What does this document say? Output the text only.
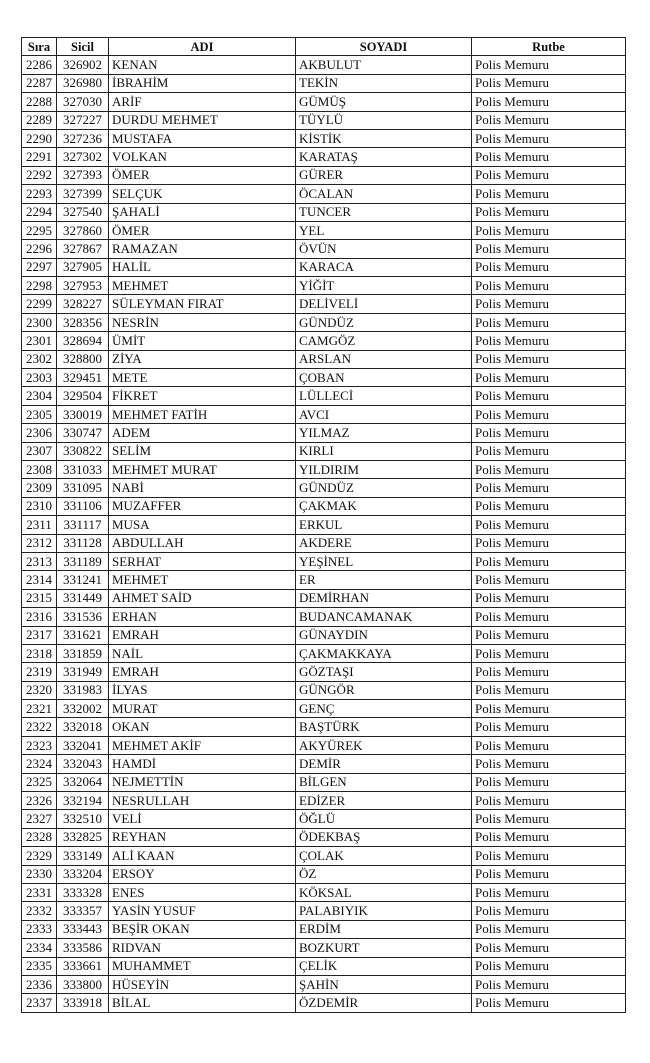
Sıra	Sicil	ADI	SOYADI	Rutbe
2286	326902	KENAN	AKBULUT	Polis Memuru
2287	326980	İBRAHİM	TEKİN	Polis Memuru
2288	327030	ARİF	GÜMÜŞ	Polis Memuru
2289	327227	DURDU MEHMET	TÜYLÜ	Polis Memuru
2290	327236	MUSTAFA	KİSTİK	Polis Memuru
2291	327302	VOLKAN	KARATAŞ	Polis Memuru
2292	327393	ÖMER	GÜRER	Polis Memuru
2293	327399	SELÇUK	ÖCALAN	Polis Memuru
2294	327540	ŞAHALİ	TUNCER	Polis Memuru
2295	327860	ÖMER	YEL	Polis Memuru
2296	327867	RAMAZAN	ÖVÜN	Polis Memuru
2297	327905	HALİL	KARACA	Polis Memuru
2298	327953	MEHMET	YİĞİT	Polis Memuru
2299	328227	SÜLEYMAN FIRAT	DELİVELİ	Polis Memuru
2300	328356	NESRİN	GÜNDÜZ	Polis Memuru
2301	328694	ÜMİT	CAMGÖZ	Polis Memuru
2302	328800	ZİYA	ARSLAN	Polis Memuru
2303	329451	METE	ÇOBAN	Polis Memuru
2304	329504	FİKRET	LÜLLECİ	Polis Memuru
2305	330019	MEHMET FATİH	AVCI	Polis Memuru
2306	330747	ADEM	YILMAZ	Polis Memuru
2307	330822	SELİM	KIRLI	Polis Memuru
2308	331033	MEHMET MURAT	YILDIRIM	Polis Memuru
2309	331095	NABİ	GÜNDÜZ	Polis Memuru
2310	331106	MUZAFFER	ÇAKMAK	Polis Memuru
2311	331117	MUSA	ERKUL	Polis Memuru
2312	331128	ABDULLAH	AKDERE	Polis Memuru
2313	331189	SERHAT	YEŞİNEL	Polis Memuru
2314	331241	MEHMET	ER	Polis Memuru
2315	331449	AHMET SAİD	DEMİRHAN	Polis Memuru
2316	331536	ERHAN	BUDANCAMANAK	Polis Memuru
2317	331621	EMRAH	GÜNAYDIN	Polis Memuru
2318	331859	NAİL	ÇAKMAKKAYA	Polis Memuru
2319	331949	EMRAH	GÖZTAŞI	Polis Memuru
2320	331983	İLYAS	GÜNGÖR	Polis Memuru
2321	332002	MURAT	GENÇ	Polis Memuru
2322	332018	OKAN	BAŞTÜRK	Polis Memuru
2323	332041	MEHMET AKİF	AKYÜREK	Polis Memuru
2324	332043	HAMDİ	DEMİR	Polis Memuru
2325	332064	NEJMETTİN	BİLGEN	Polis Memuru
2326	332194	NESRULLAH	EDİZER	Polis Memuru
2327	332510	VELİ	ÖĞLÜ	Polis Memuru
2328	332825	REYHAN	ÖDEKBAŞ	Polis Memuru
2329	333149	ALİ KAAN	ÇOLAK	Polis Memuru
2330	333204	ERSOY	ÖZ	Polis Memuru
2331	333328	ENES	KÖKSAL	Polis Memuru
2332	333357	YASİN YUSUF	PALABIYIK	Polis Memuru
2333	333443	BEŞİR OKAN	ERDİM	Polis Memuru
2334	333586	RIDVAN	BOZKURT	Polis Memuru
2335	333661	MUHAMMET	ÇELİK	Polis Memuru
2336	333800	HÜSEYİN	ŞAHİN	Polis Memuru
2337	333918	BİLAL	ÖZDEMİR	Polis Memuru
